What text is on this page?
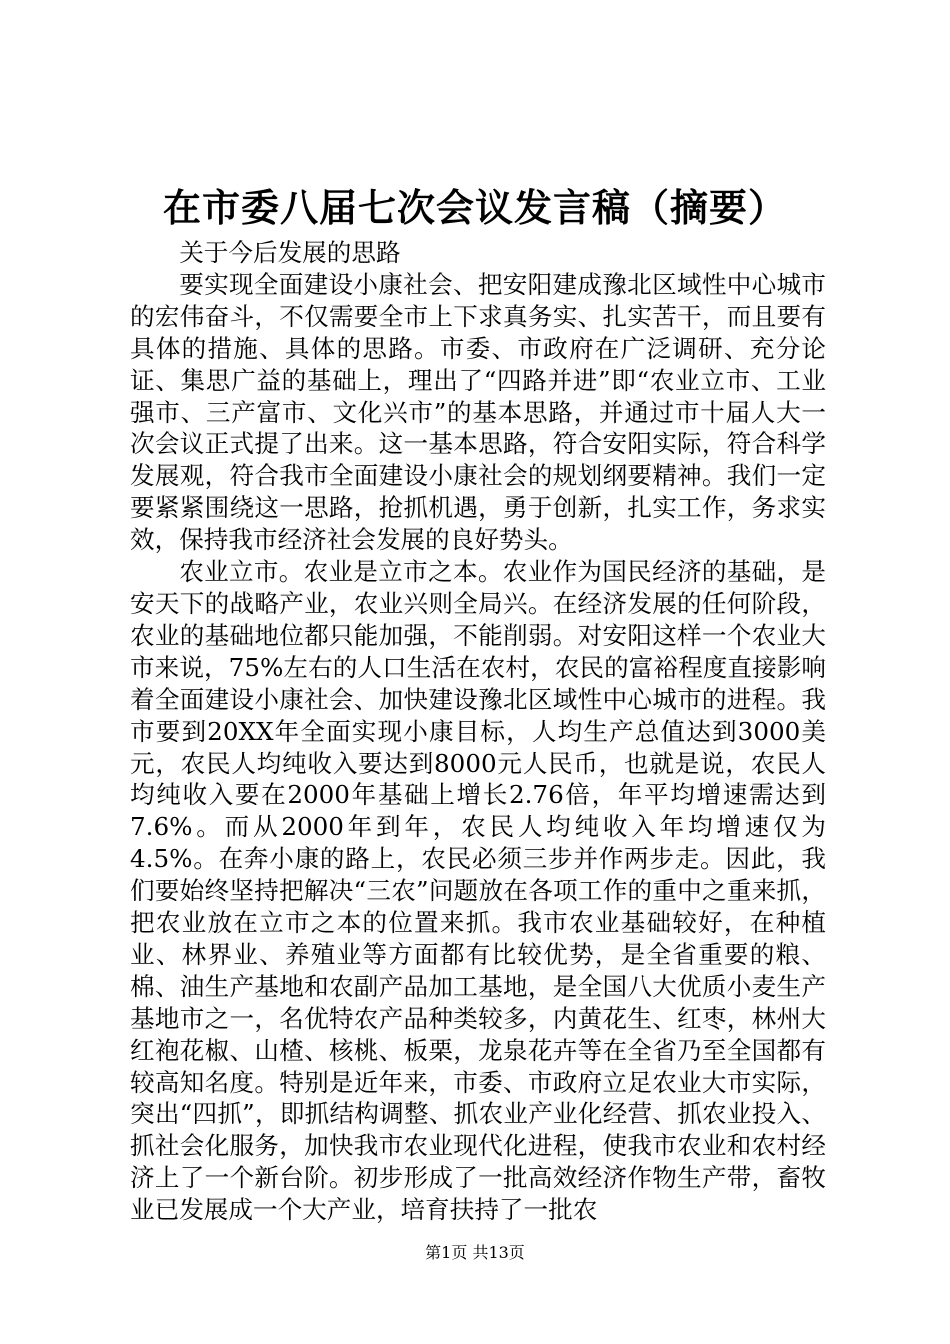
在市委八届七次会议发言稿（摘要）

关于今后发展的思路

要实现全面建设小康社会、把安阳建成豫北区域性中心城市的宏伟奋斗，不仅需要全市上下求真务实、扎实苦干，而且要有具体的措施、具体的思路。市委、市政府在广泛调研、充分论证、集思广益的基础上，理出了“四路并进”即“农业立市、工业强市、三产富市、文化兴市”的基本思路，并通过市十届人大一次会议正式提了出来。这一基本思路，符合安阳实际，符合科学发展观，符合我市全面建设小康社会的规划纲要精神。我们一定要紧紧围绕这一思路，抢抓机遇，勇于创新，扎实工作，务求实效，保持我市经济社会发展的良好势头。

农业立市。农业是立市之本。农业作为国民经济的基础，是安天下的战略产业，农业兴则全局兴。在经济发展的任何阶段，农业的基础地位都只能加强，不能削弱。对安阳这样一个农业大市来说，75%左右的人口生活在农村，农民的富裕程度直接影响着全面建设小康社会、加快建设豫北区域性中心城市的进程。我市要到20XX年全面实现小康目标，人均生产总值达到3000美元，农民人均纯收入要达到8000元人民币，也就是说，农民人均纯收入要在2000年基础上增长2.76倍，年平均增速需达到7.6%。而从2000年到年，农民人均纯收入年均增速仅为4.5%。在奔小康的路上，农民必须三步并作两步走。因此，我们要始终坚持把解决“三农”问题放在各项工作的重中之重来抓，把农业放在立市之本的位置来抓。我市农业基础较好，在种植业、林界业、养殖业等方面都有比较优势，是全省重要的粮、棉、油生产基地和农副产品加工基地，是全国八大优质小麦生产基地市之一，名优特农产品种类较多，内黄花生、红枣，林州大红袍花椒、山楂、核桃、板栗，龙泉花卉等在全省乃至全国都有较高知名度。特别是近年来，市委、市政府立足农业大市实际，突出“四抓”，即抓结构调整、抓农业产业化经营、抓农业投入、抓社会化服务，加快我市农业现代化进程，使我市农业和农村经济上了一个新台阶。初步形成了一批高效经济作物生产带，畜牧业已发展成一个大产业，培育扶持了一批农

第1页 共13页
